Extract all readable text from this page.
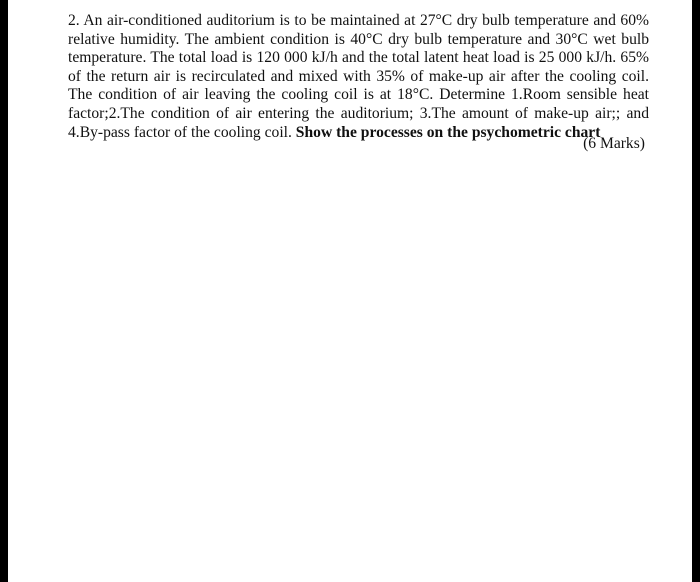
2. An air-conditioned auditorium is to be maintained at 27°C dry bulb temperature and 60% relative humidity. The ambient condition is 40°C dry bulb temperature and 30°C wet bulb temperature. The total load is 120 000 kJ/h and the total latent heat load is 25 000 kJ/h. 65% of the return air is recirculated and mixed with 35% of make-up air after the cooling coil. The condition of air leaving the cooling coil is at 18°C. Determine 1.Room sensible heat factor;2.The condition of air entering the auditorium; 3.The amount of make-up air;; and 4.By-pass factor of the cooling coil. Show the processes on the psychometric chart

(6 Marks)
